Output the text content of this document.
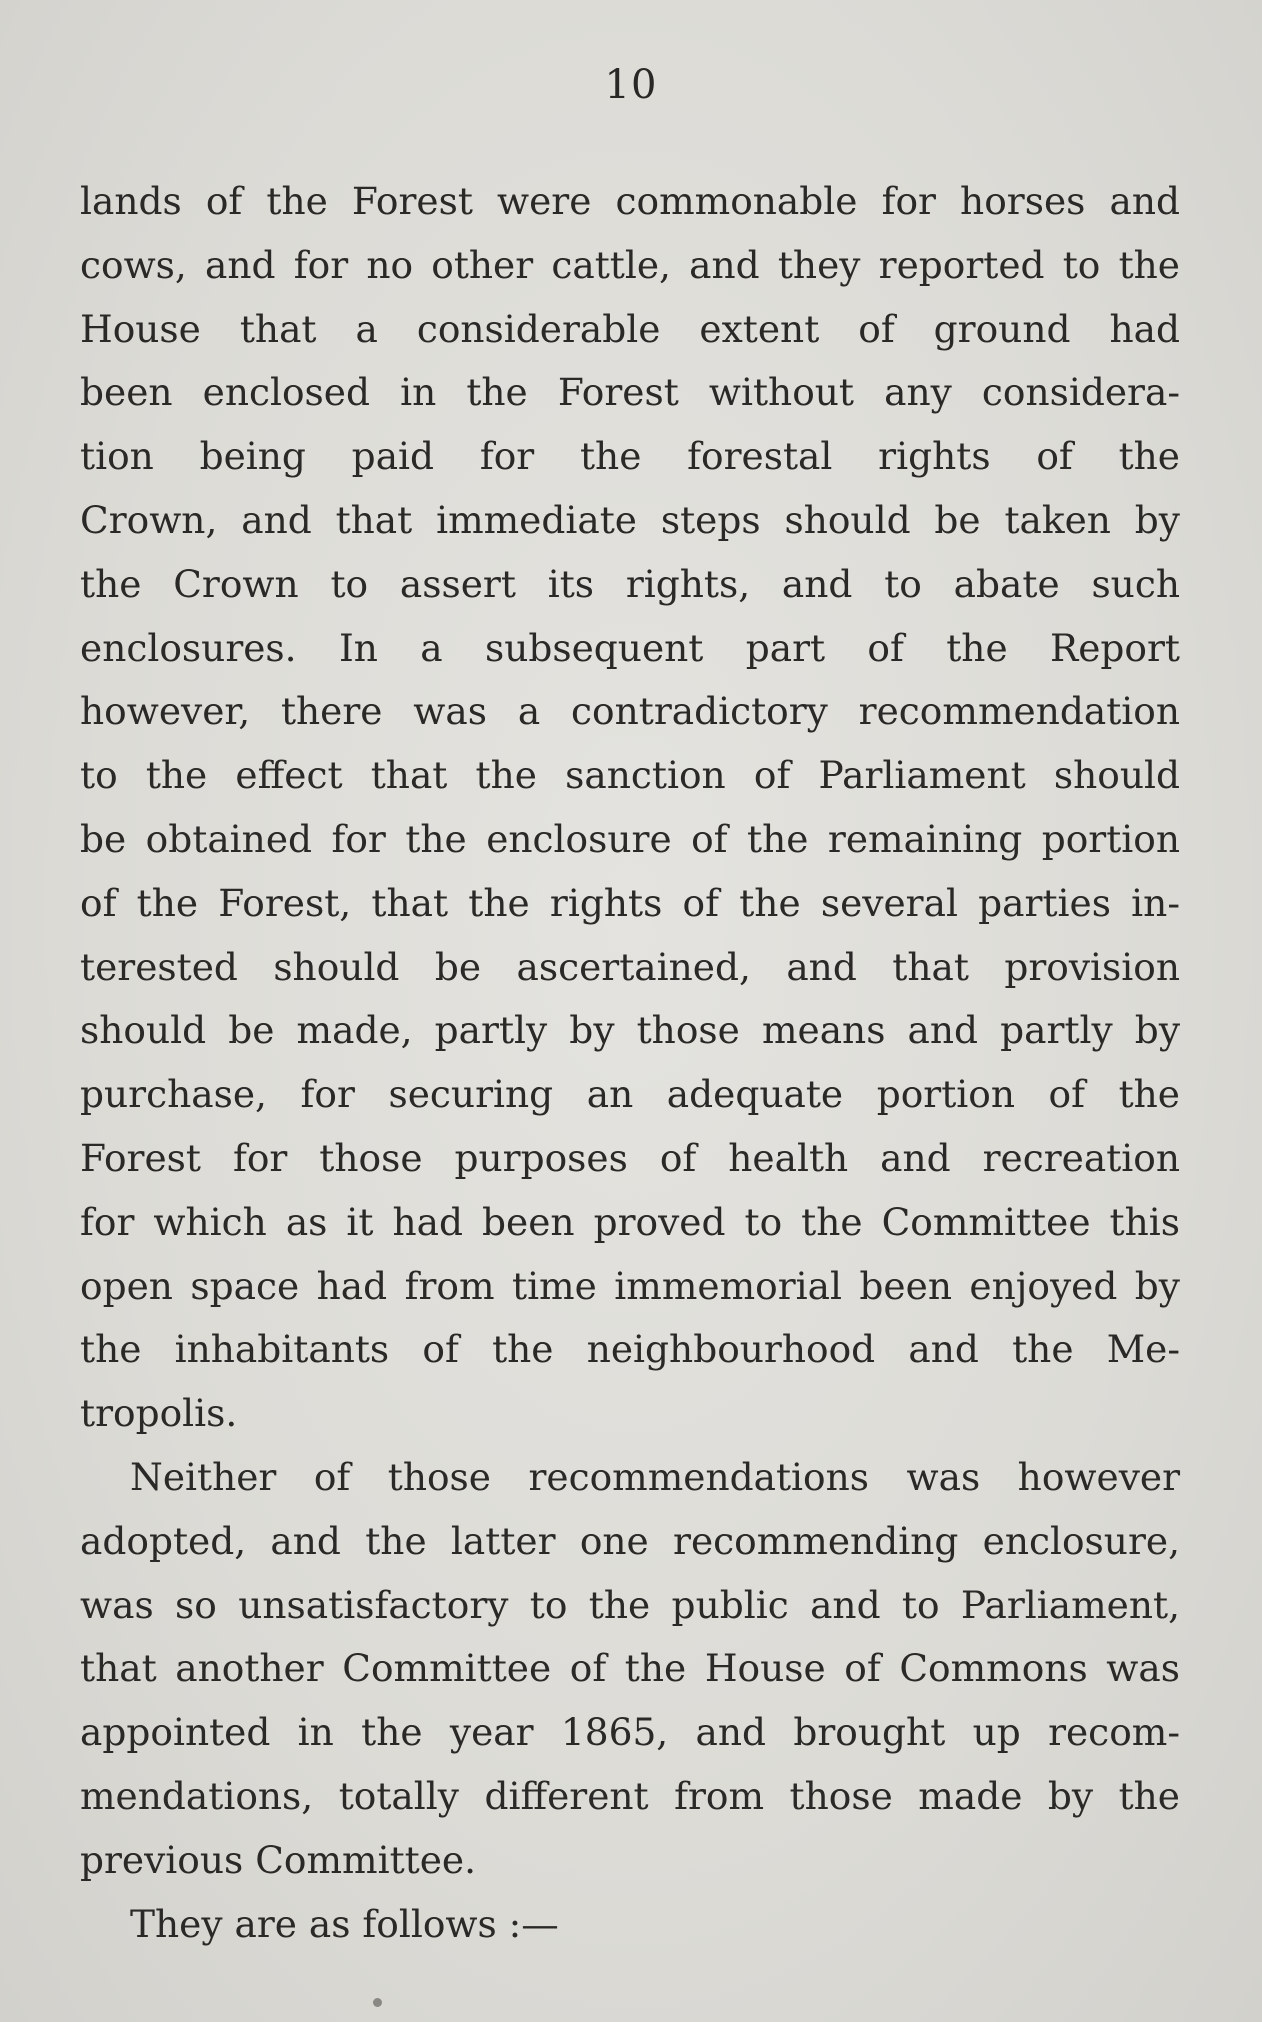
10
lands of the Forest were commonable for horses and
cows, and for no other cattle, and they reported to the
House that a considerable extent of ground had
been enclosed in the Forest without any considera-
tion being paid for the forestal rights of the
Crown, and that immediate steps should be taken by
the Crown to assert its rights, and to abate such
enclosures. In a subsequent part of the Report
however, there was a contradictory recommendation
to the effect that the sanction of Parliament should
be obtained for the enclosure of the remaining portion
of the Forest, that the rights of the several parties in-
terested should be ascertained, and that provision
should be made, partly by those means and partly by
purchase, for securing an adequate portion of the
Forest for those purposes of health and recreation
for which as it had been proved to the Committee this
open space had from time immemorial been enjoyed by
the inhabitants of the neighbourhood and the Me-
tropolis.
Neither of those recommendations was however
adopted, and the latter one recommending enclosure,
was so unsatisfactory to the public and to Parliament,
that another Committee of the House of Commons was
appointed in the year 1865, and brought up recom-
mendations, totally different from those made by the
previous Committee.
They are as follows :—
